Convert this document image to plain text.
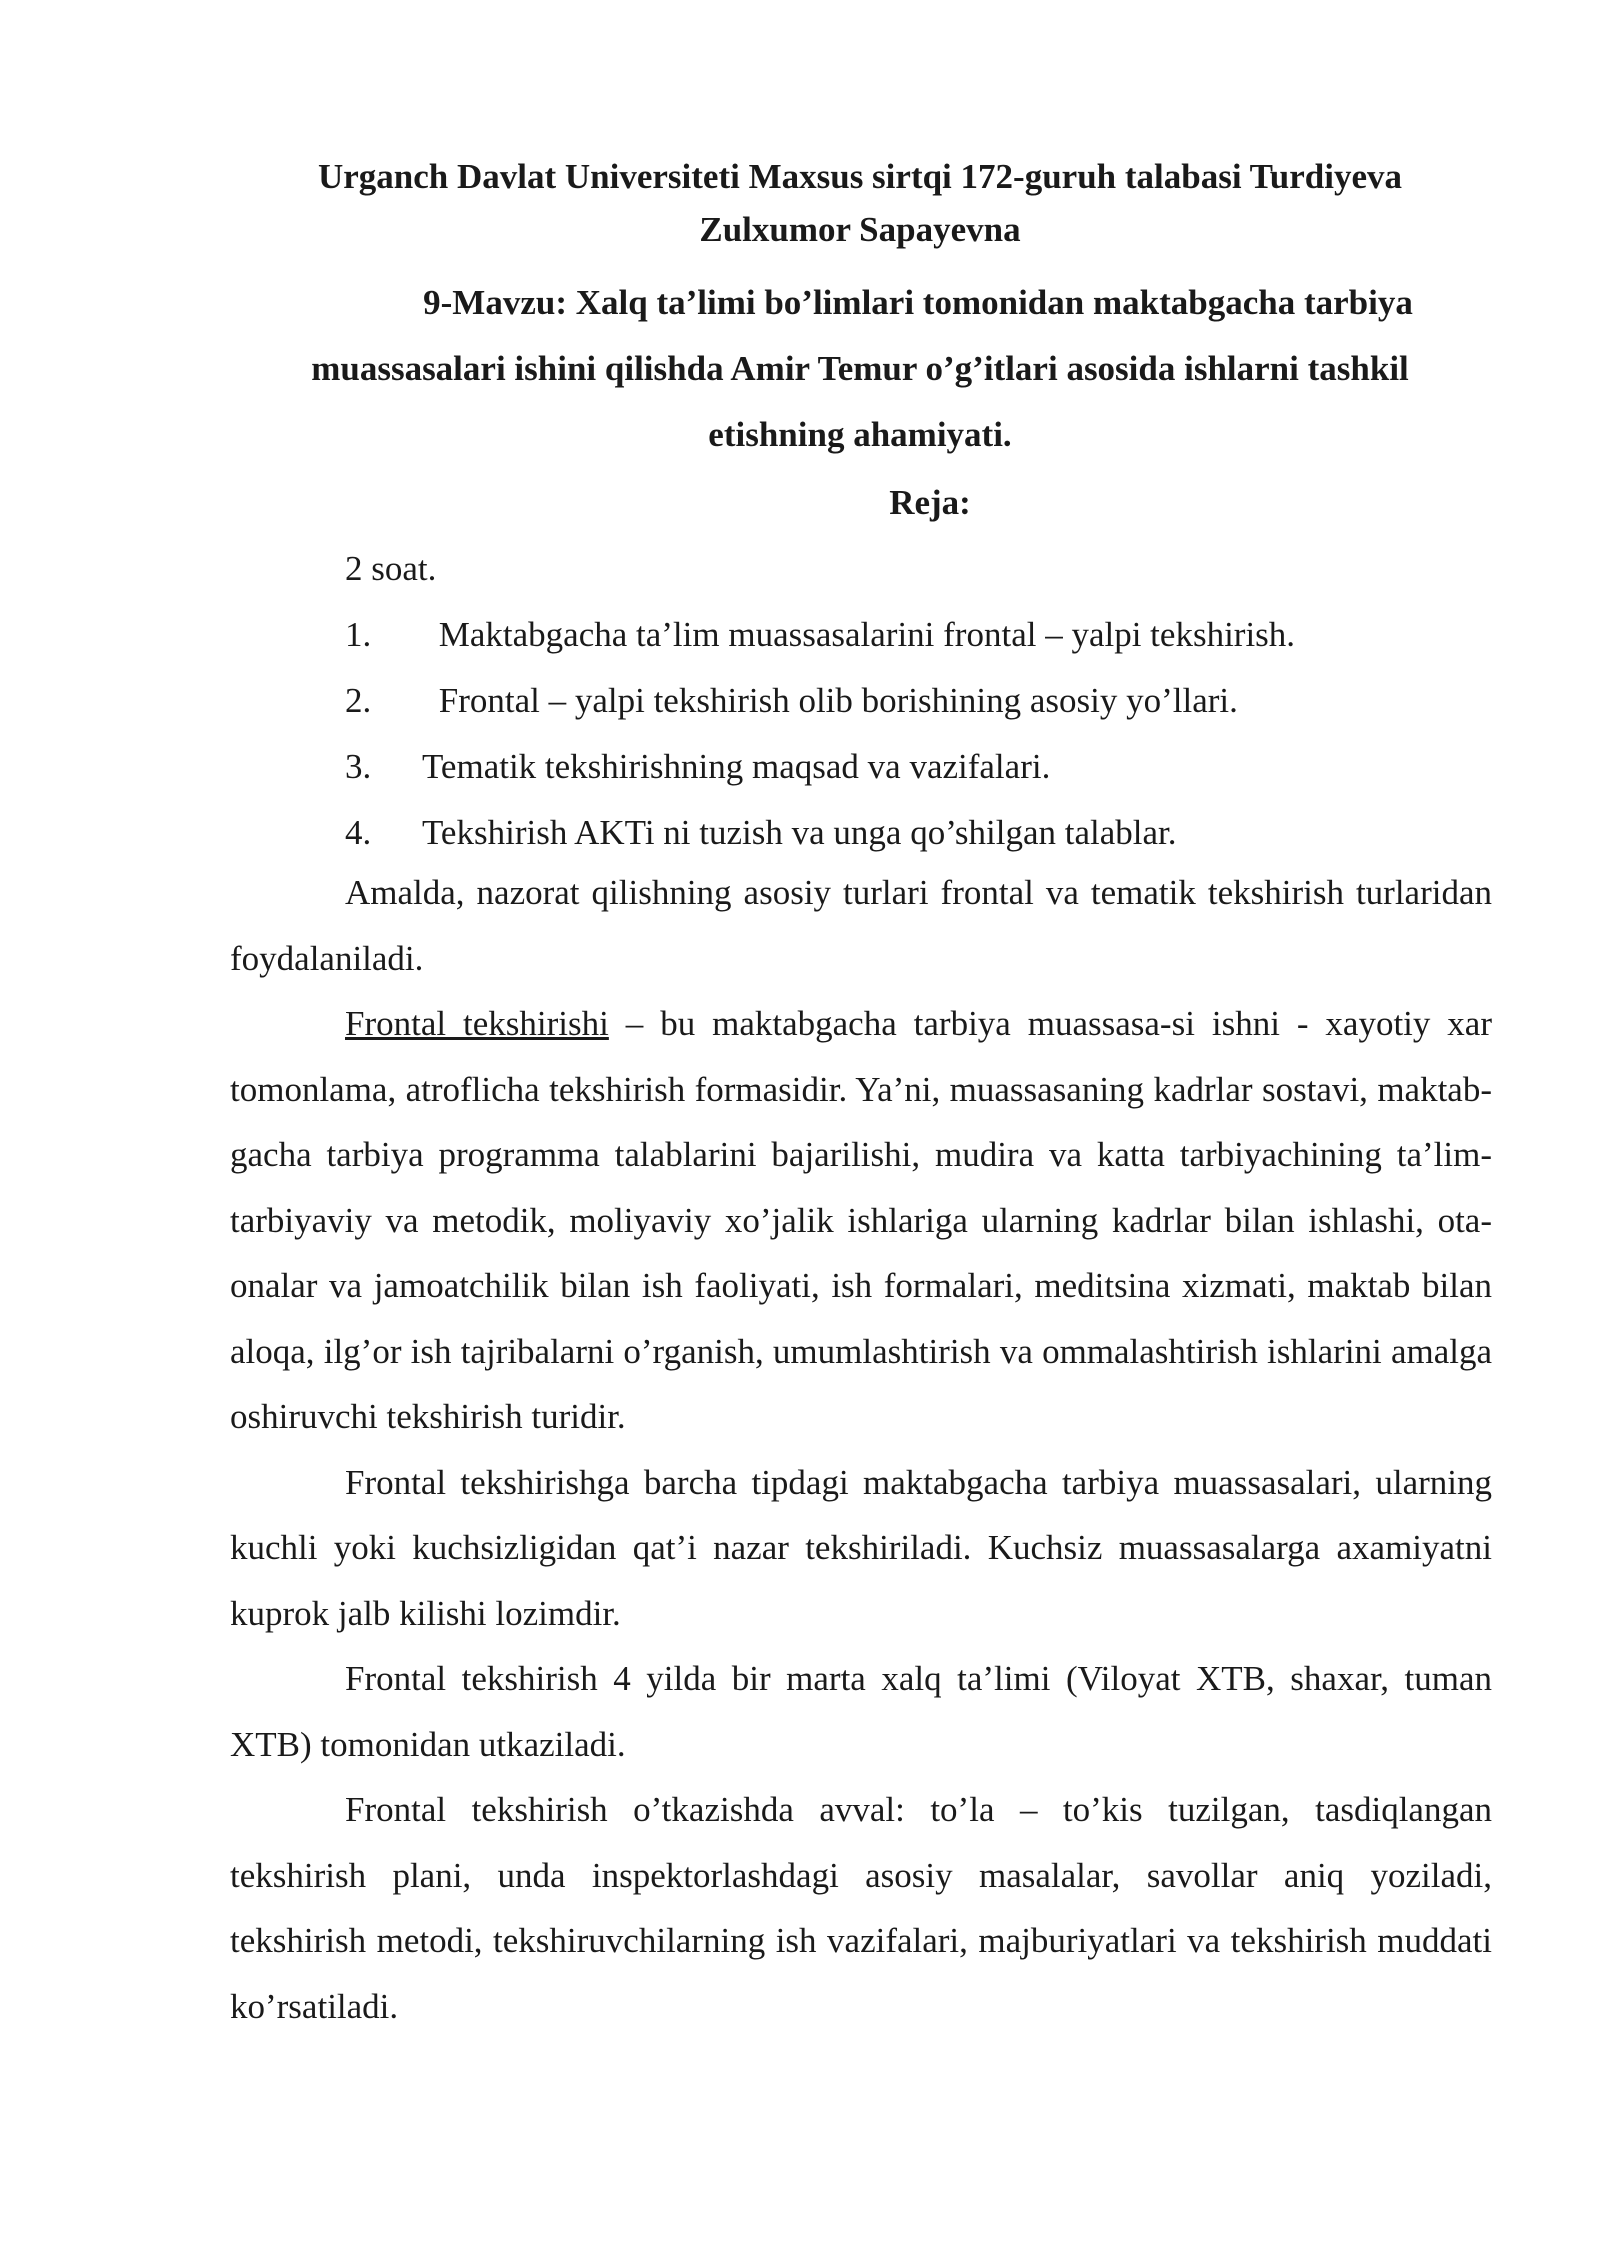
Urganch Davlat Universiteti Maxsus sirtqi 172-guruh talabasi Turdiyeva
Zulxumor Sapayevna
9-Mavzu: Xalq ta’limi bo’limlari tomonidan maktabgacha tarbiya
muassasalari ishini qilishda Amir Temur o’g’itlari asosida ishlarni tashkil
etishning ahamiyati.
Reja:
2 soat.
1.	Maktabgacha ta’lim muassasalarini frontal – yalpi tekshirish.
2.	Frontal – yalpi tekshirish olib borishining asosiy yo’llari.
3.	Tematik tekshirishning maqsad va vazifalari.
4.	Tekshirish AKTi ni tuzish va unga qo’shilgan talablar.

Amalda, nazorat qilishning asosiy turlari frontal va tematik tekshirish turlaridan foydalaniladi.

Frontal tekshirishi – bu maktabgacha tarbiya muassasa-si ishni - xayotiy xar tomonlama, atroflicha tekshirish formasidir. Ya’ni, muassasaning kadrlar sostavi, maktab-gacha tarbiya programma talablarini bajarilishi, mudira va katta tarbiyachining ta’lim-tarbiyaviy va metodik, moliyaviy xo’jalik ishlariga ularning kadrlar bilan ishlashi, ota-onalar va jamoatchilik bilan ish faoliyati, ish formalari, meditsina xizmati, maktab bilan aloqa, ilg’or ish tajribalarni o’rganish, umumlashtirish va ommalashtirish ishlarini amalga oshiruvchi tekshirish turidir.

Frontal tekshirishga barcha tipdagi maktabgacha tarbiya muassasalari, ularning kuchli yoki kuchsizligidan qat’i nazar tekshiriladi. Kuchsiz muassasalarga axamiyatni kuprok jalb kilishi lozimdir.

Frontal tekshirish 4 yilda bir marta xalq ta’limi (Viloyat XTB, shaxar, tuman XTB) tomonidan utkaziladi.

Frontal tekshirish o’tkazishda avval: to’la – to’kis tuzilgan, tasdiqlangan tekshirish plani, unda inspektorlashdagi asosiy masalalar, savollar aniq yoziladi, tekshirish metodi, tekshiruvchilarning ish vazifalari, majburiyatlari va tekshirish muddati ko’rsatiladi.
